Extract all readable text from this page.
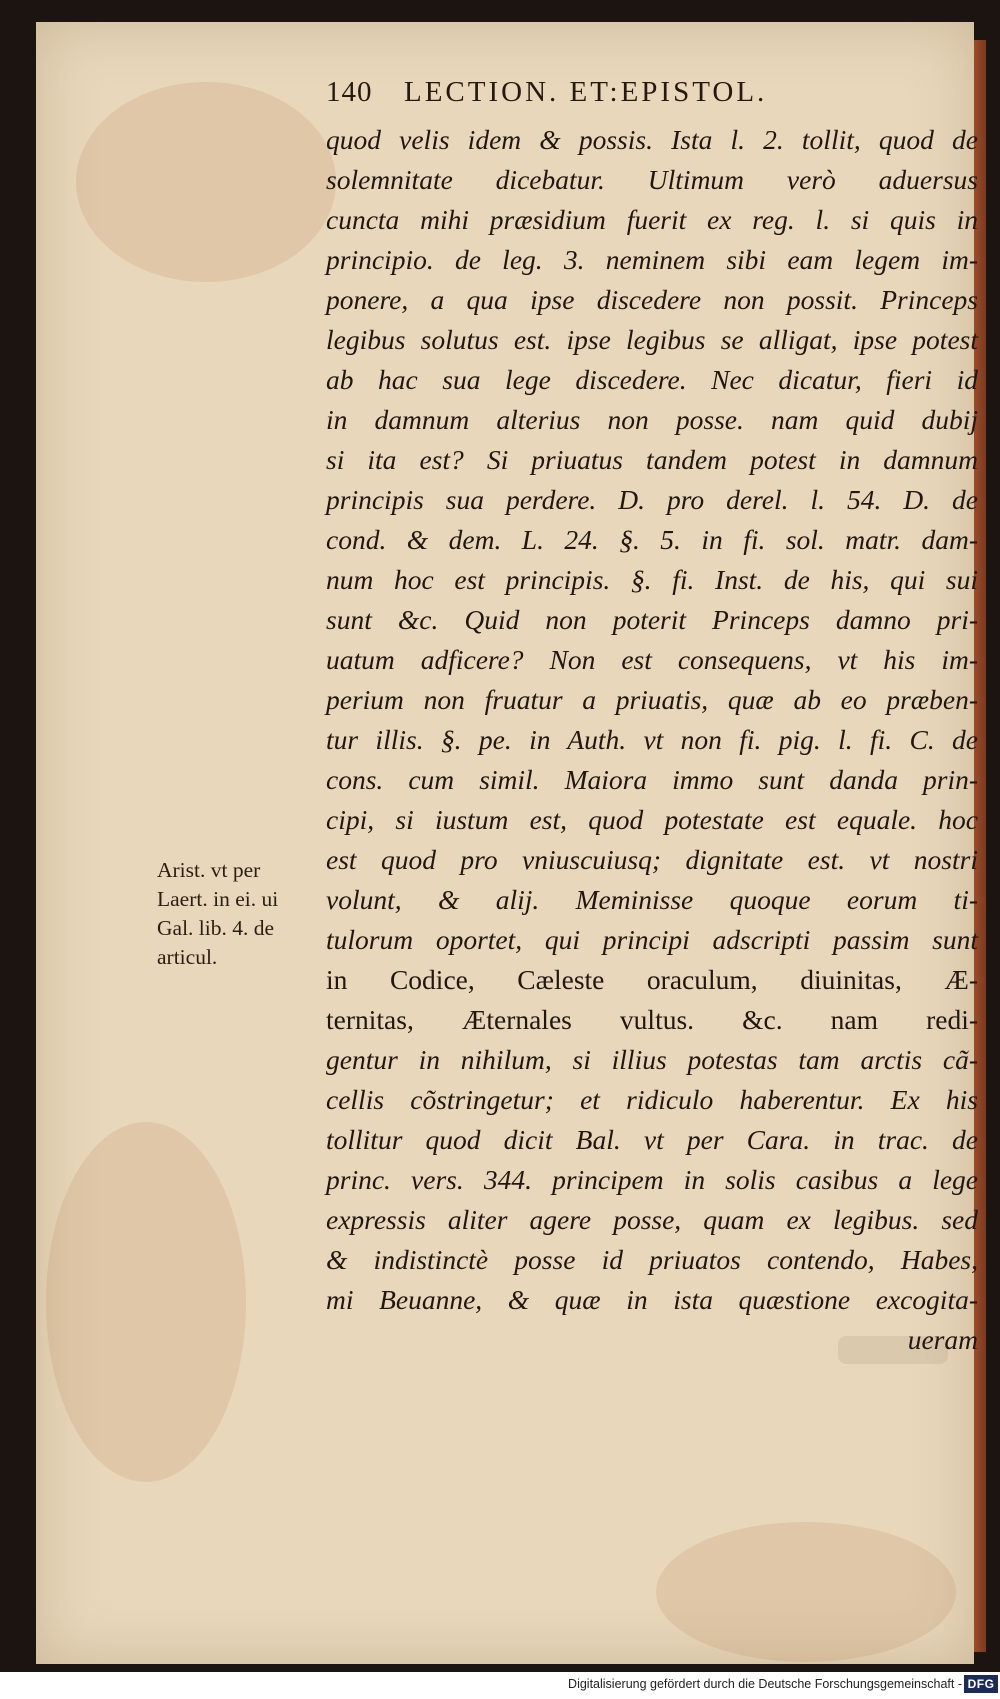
140 LECTION. ET:EPISTOL.
quod velis idem & possis. Ista l. 2. tollit, quod de
solemnitate dicebatur. Ultimum verò aduersus
cuncta mihi præsidium fuerit ex reg. l. si quis in
principio. de leg. 3. neminem sibi eam legem im-
ponere, a qua ipse discedere non possit. Princeps
legibus solutus est. ipse legibus se alligat, ipse potest
ab hac sua lege discedere. Nec dicatur, fieri id
in damnum alterius non posse. nam quid dubij
si ita est? Si priuatus tandem potest in damnum
principis sua perdere. D. pro derel. l. 54. D. de
cond. & dem. L. 24. §. 5. in fi. sol. matr. dam-
num hoc est principis. §. fi. Inst. de his, qui sui
sunt &c. Quid non poterit Princeps damno pri-
uatum adficere? Non est consequens, vt his im-
perium non fruatur a priuatis, quæ ab eo præben-
tur illis. §. pe. in Auth. vt non fi. pig. l. fi. C. de
cons. cum simil. Maiora immo sunt danda prin-
cipi, si iustum est, quod potestate est equale. hoc
est quod pro vniuscuiusq; dignitate est. vt nostri
volunt, & alij. Meminisse quoque eorum ti-
tulorum oportet, qui principi adscripti passim sunt
in Codice, Cæleste oraculum, diuinitas, Æ-
ternitas, Æternales vultus. &c. nam redi-
gentur in nihilum, si illius potestas tam arctis cã-
cellis cõstringetur; et ridiculo haberentur. Ex his
tollitur quod dicit Bal. vt per Cara. in trac. de
princ. vers. 344. principem in solis casibus a lege
expressis aliter agere posse, quam ex legibus. sed
& indistinctè posse id priuatos contendo, Habes,
mi Beuanne, & quæ in ista quæstione excogita-
ueram
Arist. vt per
Laert. in ei. ui
Gal. lib. 4. de
articul.
Digitalisierung gefördert durch die Deutsche Forschungsgemeinschaft - DFG
